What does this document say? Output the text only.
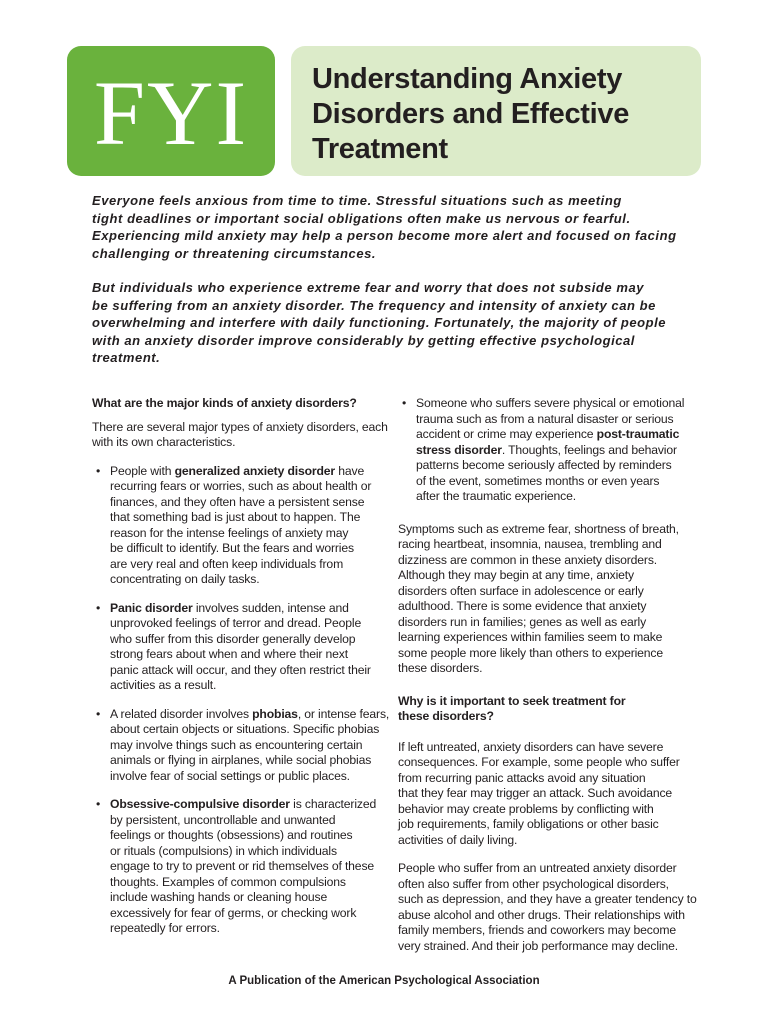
FYI Understanding Anxiety
Disorders and Effective
Treatment

Everyone feels anxious from time to time. Stressful situations such as meeting
tight deadlines or important social obligations often make us nervous or fearful.
Experiencing mild anxiety may help a person become more alert and focused on facing
challenging or threatening circumstances.

But individuals who experience extreme fear and worry that does not subside may
be suffering from an anxiety disorder. The frequency and intensity of anxiety can be
overwhelming and interfere with daily functioning. Fortunately, the majority of people
with an anxiety disorder improve considerably by getting effective psychological
treatment.

What are the major kinds of anxiety disorders?

There are several major types of anxiety disorders, each
with its own characteristics.

• People with generalized anxiety disorder have
recurring fears or worries, such as about health or
finances, and they often have a persistent sense
that something bad is just about to happen. The
reason for the intense feelings of anxiety may
be difficult to identify. But the fears and worries
are very real and often keep individuals from
concentrating on daily tasks.
• Panic disorder involves sudden, intense and
unprovoked feelings of terror and dread. People
who suffer from this disorder generally develop
strong fears about when and where their next
panic attack will occur, and they often restrict their
activities as a result.
• A related disorder involves phobias, or intense fears,
about certain objects or situations. Specific phobias
may involve things such as encountering certain
animals or flying in airplanes, while social phobias
involve fear of social settings or public places.
• Obsessive-compulsive disorder is characterized
by persistent, uncontrollable and unwanted
feelings or thoughts (obsessions) and routines
or rituals (compulsions) in which individuals
engage to try to prevent or rid themselves of these
thoughts. Examples of common compulsions
include washing hands or cleaning house
excessively for fear of germs, or checking work
repeatedly for errors.
• Someone who suffers severe physical or emotional
trauma such as from a natural disaster or serious
accident or crime may experience post-traumatic
stress disorder. Thoughts, feelings and behavior
patterns become seriously affected by reminders
of the event, sometimes months or even years
after the traumatic experience.

Symptoms such as extreme fear, shortness of breath,
racing heartbeat, insomnia, nausea, trembling and
dizziness are common in these anxiety disorders.
Although they may begin at any time, anxiety
disorders often surface in adolescence or early
adulthood. There is some evidence that anxiety
disorders run in families; genes as well as early
learning experiences within families seem to make
some people more likely than others to experience
these disorders.

Why is it important to seek treatment for
these disorders?

If left untreated, anxiety disorders can have severe
consequences. For example, some people who suffer
from recurring panic attacks avoid any situation
that they fear may trigger an attack. Such avoidance
behavior may create problems by conflicting with
job requirements, family obligations or other basic
activities of daily living.

People who suffer from an untreated anxiety disorder
often also suffer from other psychological disorders,
such as depression, and they have a greater tendency to
abuse alcohol and other drugs. Their relationships with
family members, friends and coworkers may become
very strained. And their job performance may decline.

A Publication of the American Psychological Association
